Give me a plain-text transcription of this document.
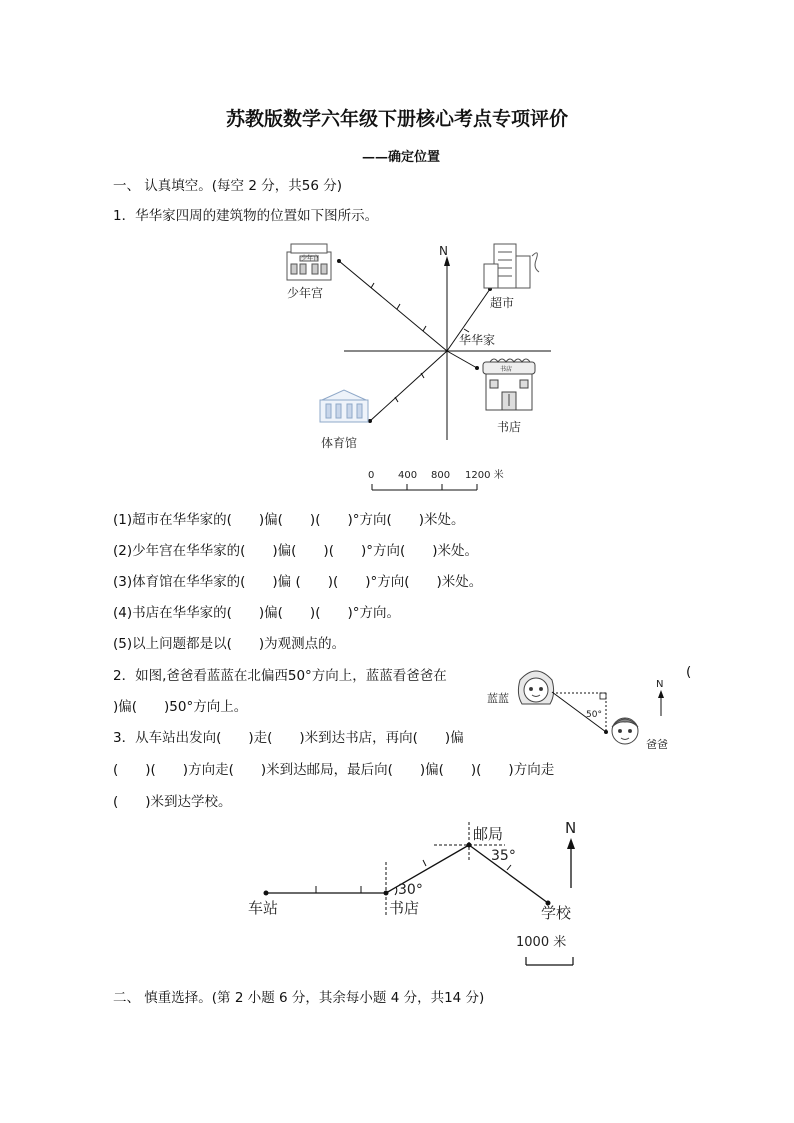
苏教版数学六年级下册核心考点专项评价
——确定位置
一、 认真填空。(每空 2 分，共56 分)
1．华华家四周的建筑物的位置如下图所示。
N
华华家
少年宫
少年宫
超市
体育馆
书店
书店
0 400 800 1200 米
(1)超市在华华家的(　　)偏(　　)(　　)°方向(　　)米处。
(2)少年宫在华华家的(　　)偏(　　)(　　)°方向(　　)米处。
(3)体育馆在华华家的(　　)偏 (　　)(　　)°方向(　　)米处。
(4)书店在华华家的(　　)偏(　　)(　　)°方向。
(5)以上问题都是以(　　)为观测点的。
2．如图,爸爸看蓝蓝在北偏西50°方向上，蓝蓝看爸爸在	(
)偏(　　)50°方向上。
蓝蓝
爸爸
50°
N
3．从车站出发向(　　)走(　　)米到达书店，再向(　　)偏
(　　)(　　)方向走(　　)米到达邮局，最后向(　　)偏(　　)(　　)方向走
(　　)米到达学校。
30°
35°
车站	书店
邮局
学校
N
1000 米
二、 慎重选择。(第 2 小题 6 分，其余每小题 4 分，共14 分)
